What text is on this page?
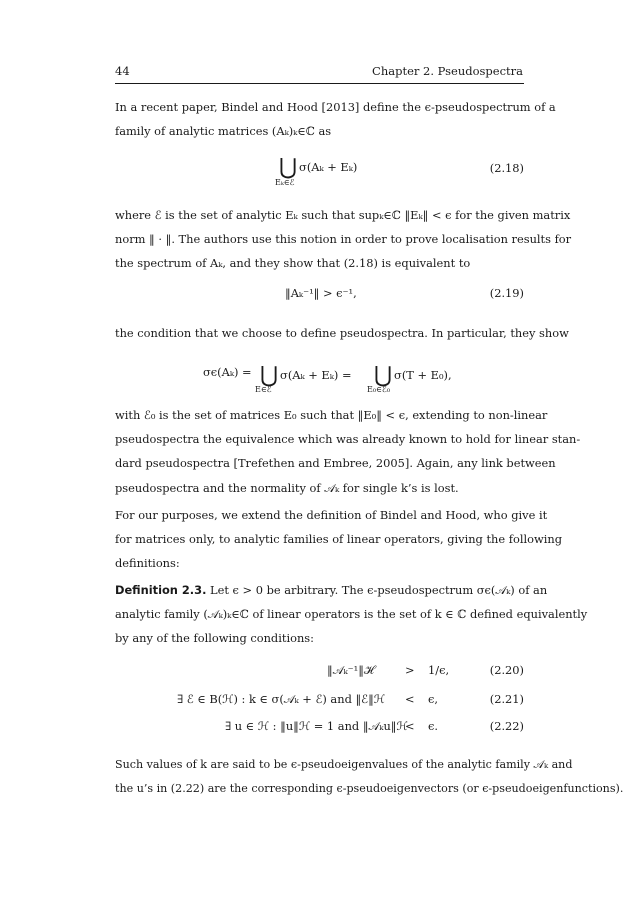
44	Chapter 2. Pseudospectra

In a recent paper, Bindel and Hood [2013] define the ϵ-pseudospectrum of a
family of analytic matrices (Aₖ)ₖ∈ℂ as

⋃ σ(Aₖ + Eₖ)
Eₖ∈ℰ
(2.18)

where ℰ is the set of analytic Eₖ such that supₖ∈ℂ ‖Eₖ‖ < ϵ for the given matrix
norm ‖ · ‖. The authors use this notion in order to prove localisation results for
the spectrum of Aₖ, and they show that (2.18) is equivalent to

‖Aₖ⁻¹‖ > ϵ⁻¹,	(2.19)

the condition that we choose to define pseudospectra. In particular, they show

σϵ(Aₖ) = ⋃ σ(Aₖ + Eₖ) =
E∈ℰ
⋃ σ(T + E₀),
E₀∈ℰ₀

with ℰ₀ is the set of matrices E₀ such that ‖E₀‖ < ϵ, extending to non-linear
pseudospectra the equivalence which was already known to hold for linear stan-
dard pseudospectra [Trefethen and Embree, 2005]. Again, any link between
pseudospectra and the normality of 𝒜ₖ for single k’s is lost.

For our purposes, we extend the definition of Bindel and Hood, who give it
for matrices only, to analytic families of linear operators, giving the following
definitions:

Definition 2.3. Let ϵ > 0 be arbitrary. The ϵ-pseudospectrum σϵ(𝒜ₖ) of an
analytic family (𝒜ₖ)ₖ∈ℂ of linear operators is the set of k ∈ ℂ defined equivalently
by any of the following conditions:

‖𝒜ₖ⁻¹‖ℋ	> 1/ϵ,	(2.20)
∃ ℰ ∈ B(ℋ) : k ∈ σ(𝒜ₖ + ℰ) and ‖ℰ‖ℋ < ϵ,	(2.21)
∃ u ∈ ℋ : ‖u‖ℋ = 1 and ‖𝒜ₖu‖ℋ
< ϵ.	(2.22)

Such values of k are said to be ϵ-pseudoeigenvalues of the analytic family 𝒜ₖ and
the u’s in (2.22) are the corresponding ϵ-pseudoeigenvectors (or ϵ-pseudoeigenfunctions).
